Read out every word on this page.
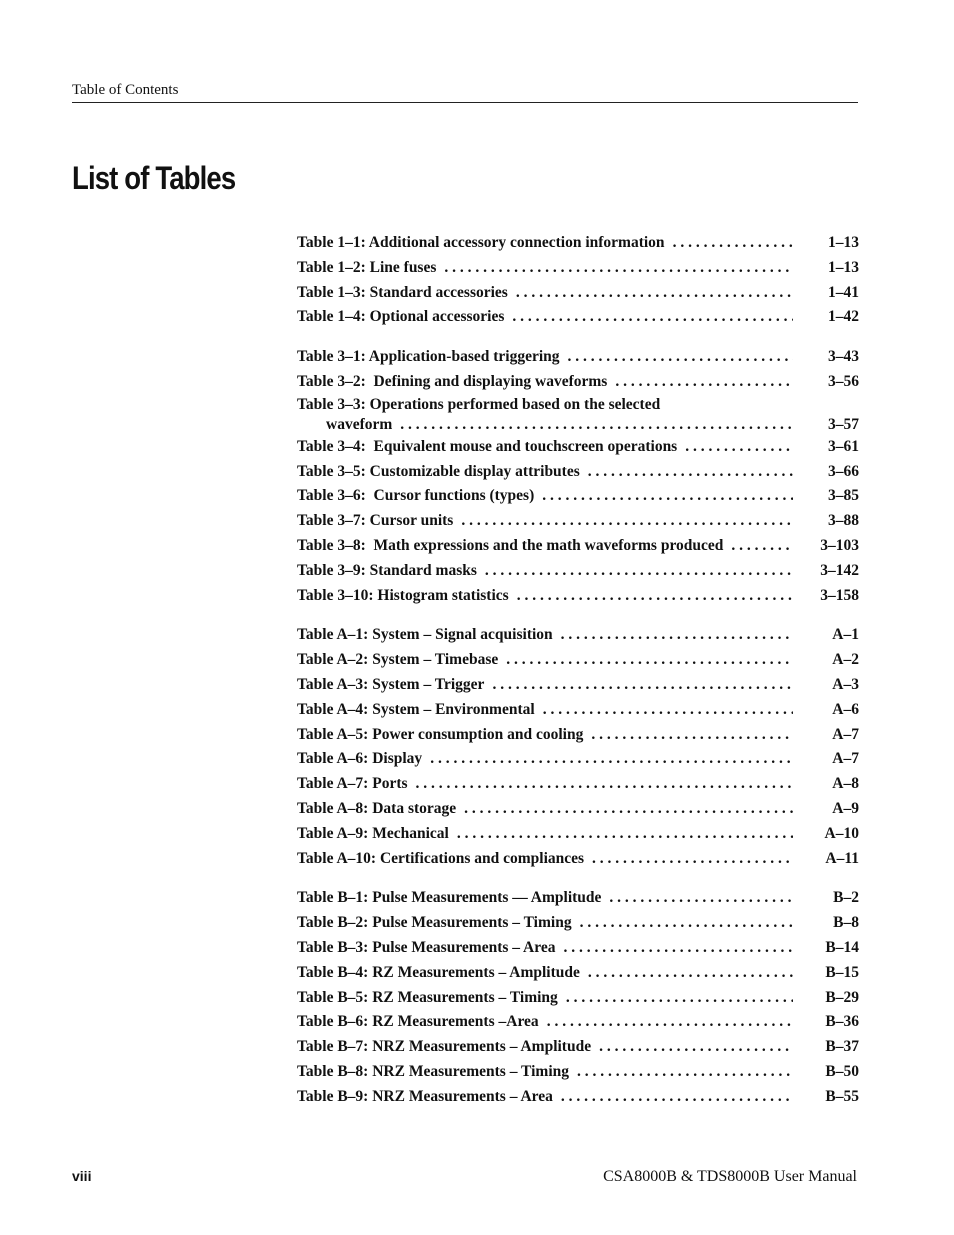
Table of Contents
List of Tables
Table 1–1: Additional accessory connection information . . .	1–13
Table 1–2: Line fuses . . .	1–13
Table 1–3: Standard accessories . . .	1–41
Table 1–4: Optional accessories . . .	1–42
Table 3–1: Application-based triggering . . .	3–43
Table 3–2:  Defining and displaying waveforms . . .	3–56
Table 3–3: Operations performed based on the selected
waveform . . .	3–57
Table 3–4:  Equivalent mouse and touchscreen operations . . .	3–61
Table 3–5: Customizable display attributes . . .	3–66
Table 3–6:  Cursor functions (types) . . .	3–85
Table 3–7: Cursor units . . .	3–88
Table 3–8:  Math expressions and the math waveforms produced . . .	3–103
Table 3–9: Standard masks . . .	3–142
Table 3–10: Histogram statistics . . .	3–158
Table A–1: System – Signal acquisition . . .	A–1
Table A–2: System – Timebase . . .	A–2
Table A–3: System – Trigger . . .	A–3
Table A–4: System – Environmental . . .	A–6
Table A–5: Power consumption and cooling . . .	A–7
Table A–6: Display . . .	A–7
Table A–7: Ports . . .	A–8
Table A–8: Data storage . . .	A–9
Table A–9: Mechanical . . .	A–10
Table A–10: Certifications and compliances . . .	A–11
Table B–1: Pulse Measurements — Amplitude . . .	B–2
Table B–2: Pulse Measurements – Timing . . .	B–8
Table B–3: Pulse Measurements – Area . . .	B–14
Table B–4: RZ Measurements – Amplitude . . .	B–15
Table B–5: RZ Measurements – Timing . . .	B–29
Table B–6: RZ Measurements –Area . . .	B–36
Table B–7: NRZ Measurements – Amplitude . . .	B–37
Table B–8: NRZ Measurements – Timing . . .	B–50
Table B–9: NRZ Measurements – Area . . .	B–55
viii	CSA8000B & TDS8000B User Manual
